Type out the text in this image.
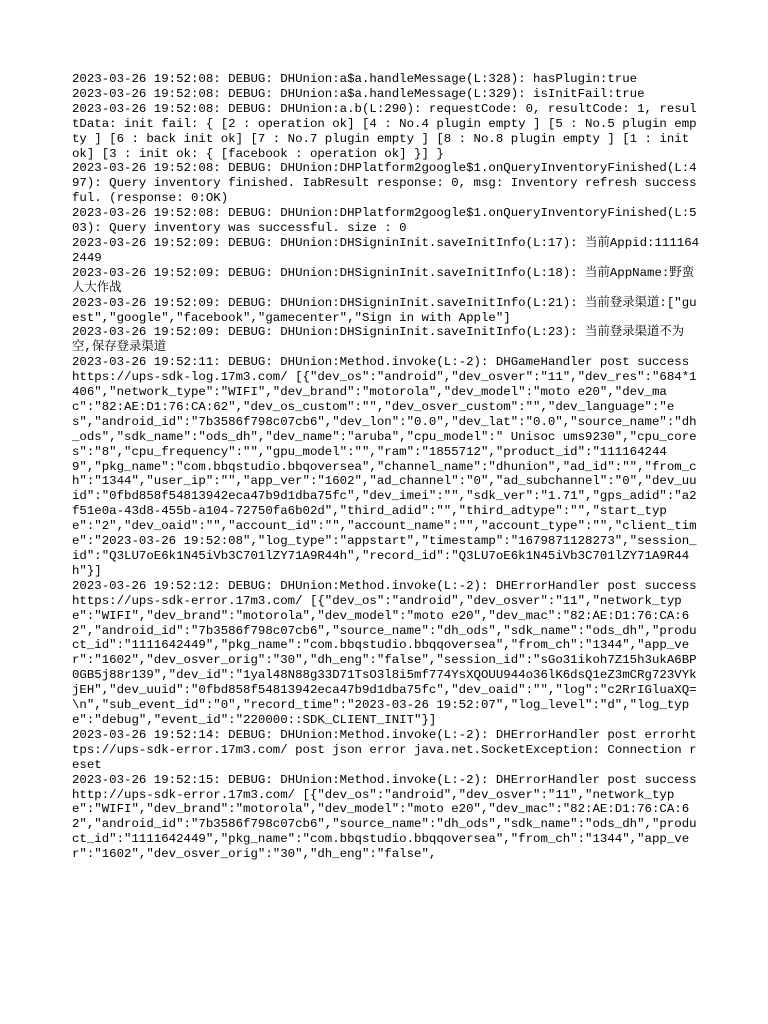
2023-03-26 19:52:08: DEBUG: DHUnion:a$a.handleMessage(L:328): hasPlugin:true

2023-03-26 19:52:08: DEBUG: DHUnion:a$a.handleMessage(L:329): isInitFail:true

2023-03-26 19:52:08: DEBUG: DHUnion:a.b(L:290): requestCode: 0, resultCode: 1, resultData: init fail: { [2 : operation ok] [4 : No.4 plugin empty ] [5 : No.5 plugin empty ] [6 : back init ok] [7 : No.7 plugin empty ] [8 : No.8 plugin empty ] [1 : init ok] [3 : init ok: { [facebook : operation ok] }] }

2023-03-26 19:52:08: DEBUG: DHUnion:DHPlatform2google$1.onQueryInventoryFinished(L:497): Query inventory finished. IabResult response: 0, msg: Inventory refresh successful. (response: 0:OK)

2023-03-26 19:52:08: DEBUG: DHUnion:DHPlatform2google$1.onQueryInventoryFinished(L:503): Query inventory was successful. size : 0

2023-03-26 19:52:09: DEBUG: DHUnion:DHSigninInit.saveInitInfo(L:17): 当前Appid:1111642449

2023-03-26 19:52:09: DEBUG: DHUnion:DHSigninInit.saveInitInfo(L:18): 当前AppName:野蛮人大作战

2023-03-26 19:52:09: DEBUG: DHUnion:DHSigninInit.saveInitInfo(L:21): 当前登录渠道:["guest","google","facebook","gamecenter","Sign in with Apple"]

2023-03-26 19:52:09: DEBUG: DHUnion:DHSigninInit.saveInitInfo(L:23): 当前登录渠道不为空,保存登录渠道

2023-03-26 19:52:11: DEBUG: DHUnion:Method.invoke(L:-2): DHGameHandler post success https://ups-sdk-log.17m3.com/ [{"dev_os":"android","dev_osver":"11","dev_res":"684*1406","network_type":"WIFI","dev_brand":"motorola","dev_model":"moto e20","dev_mac":"82:AE:D1:76:CA:62","dev_os_custom":"","dev_osver_custom":"","dev_language":"es","android_id":"7b3586f798c07cb6","dev_lon":"0.0","dev_lat":"0.0","source_name":"dh_ods","sdk_name":"ods_dh","dev_name":"aruba","cpu_model":" Unisoc ums9230","cpu_cores":"8","cpu_frequency":"","gpu_model":"","ram":"1855712","product_id":"1111642449","pkg_name":"com.bbqstudio.bbqoversea","channel_name":"dhunion","ad_id":"","from_ch":"1344","user_ip":"","app_ver":"1602","ad_channel":"0","ad_subchannel":"0","dev_uuid":"0fbd858f54813942eca47b9d1dba75fc","dev_imei":"","sdk_ver":"1.71","gps_adid":"a2f51e0a-43d8-455b-a104-72750fa6b02d","third_adid":"","third_adtype":"","start_type":"2","dev_oaid":"","account_id":"","account_name":"","account_type":"","client_time":"2023-03-26 19:52:08","log_type":"appstart","timestamp":"1679871128273","session_id":"Q3LU7oE6k1N45iVb3C701lZY71A9R44h","record_id":"Q3LU7oE6k1N45iVb3C701lZY71A9R44h"}]

2023-03-26 19:52:12: DEBUG: DHUnion:Method.invoke(L:-2): DHErrorHandler post success https://ups-sdk-error.17m3.com/ [{"dev_os":"android","dev_osver":"11","network_type":"WIFI","dev_brand":"motorola","dev_model":"moto e20","dev_mac":"82:AE:D1:76:CA:62","android_id":"7b3586f798c07cb6","source_name":"dh_ods","sdk_name":"ods_dh","product_id":"1111642449","pkg_name":"com.bbqstudio.bbqqoversea","from_ch":"1344","app_ver":"1602","dev_osver_orig":"30","dh_eng":"false","session_id":"sGo31ikoh7Z15h3ukA6BP0GB5j88r139","dev_id":"1yal48N88g33D71TsO3l8i5mf774YsXQOUU944o36lK6dsQ1eZ3mCRg723VYkjEH","dev_uuid":"0fbd858f54813942eca47b9d1dba75fc","dev_oaid":"","log":"c2RrIGluaXQ=\n","sub_event_id":"0","record_time":"2023-03-26 19:52:07","log_level":"d","log_type":"debug","event_id":"220000::SDK_CLIENT_INIT"}]

2023-03-26 19:52:14: DEBUG: DHUnion:Method.invoke(L:-2): DHErrorHandler post errorhttps://ups-sdk-error.17m3.com/ post json error java.net.SocketException: Connection reset

2023-03-26 19:52:15: DEBUG: DHUnion:Method.invoke(L:-2): DHErrorHandler post success http://ups-sdk-error.17m3.com/ [{"dev_os":"android","dev_osver":"11","network_type":"WIFI","dev_brand":"motorola","dev_model":"moto e20","dev_mac":"82:AE:D1:76:CA:62","android_id":"7b3586f798c07cb6","source_name":"dh_ods","sdk_name":"ods_dh","product_id":"1111642449","pkg_name":"com.bbqstudio.bbqqoversea","from_ch":"1344","app_ver":"1602","dev_osver_orig":"30","dh_eng":"false",
